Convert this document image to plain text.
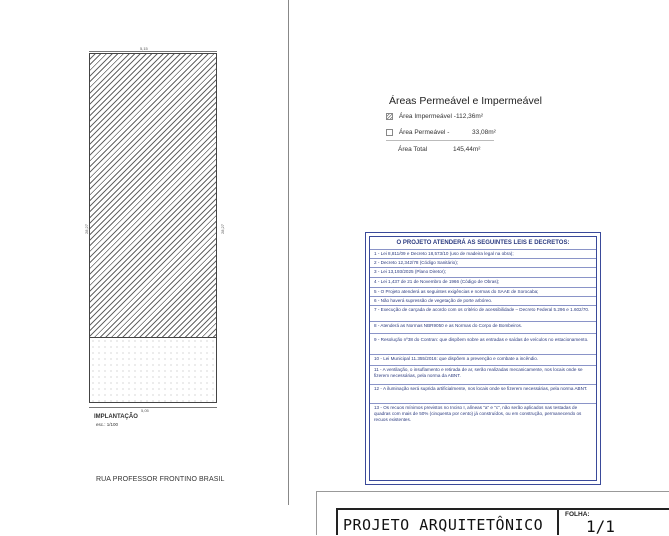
5,15
28,27	28,27
5,05
IMPLANTAÇÃO
esc.: 1/100
RUA PROFESSOR FRONTINO BRASIL
Áreas Permeável e Impermeável
Área Impermeável - 112,36m²
Área Permeável -	33,08m²
Área Total	145,44m²
O PROJETO ATENDERÁ AS SEGUINTES LEIS E DECRETOS:
1 - Lei 8,811/09 e Decreto 18,573/10 (uso de madeira legal na obra);
2 - Decreto 12,342/78 (Código Sanitário);
3 - Lei 13,193/2025 (Plano Diretor);
4 - Lei 1,437 de 21 de Novembro de 1966 (Código de Obras);
5 - O Projeto atenderá as seguintes exigências e normas do SAAE de Sorocaba;
6 - Não haverá supressão de vegetação de porte arbóreo.
7 - Execução de carçada de acordo com os critério de acessibilidade – Decreto Federal 5.296 e 1.602/70.
8 - Atenderá as Normas NBR9050 e as Normas do Corpo de Bombeiros.
9 - Resolução nº38 do Contran: que dispõem sobre as entradas e saídas de veículos no estacionamento.
10 - Lei Municipal 11.355/2016: que dispõem a prevenção e combate a incêndio.
11 - A ventilação, o insuflamento e retirada de ar, serão realizadas mecanicamente, nos locais onde se fizerem necessárias, pela norma da ABNT.
12 - A iluminação será suprida artificialmente, nos locais onde se fizerem necessárias, pela norma ABNT.
13 - Os recuos mínimos previstos no Inciso I, alíneas "a" e "c", não serão aplicados nas testadas de quadras com mais de 50% (cinquenta por cento) já construídos, ou em construção, permanecendo os recuos existentes.
PROJETO ARQUITETÔNICO
FOLHA:
1/1
